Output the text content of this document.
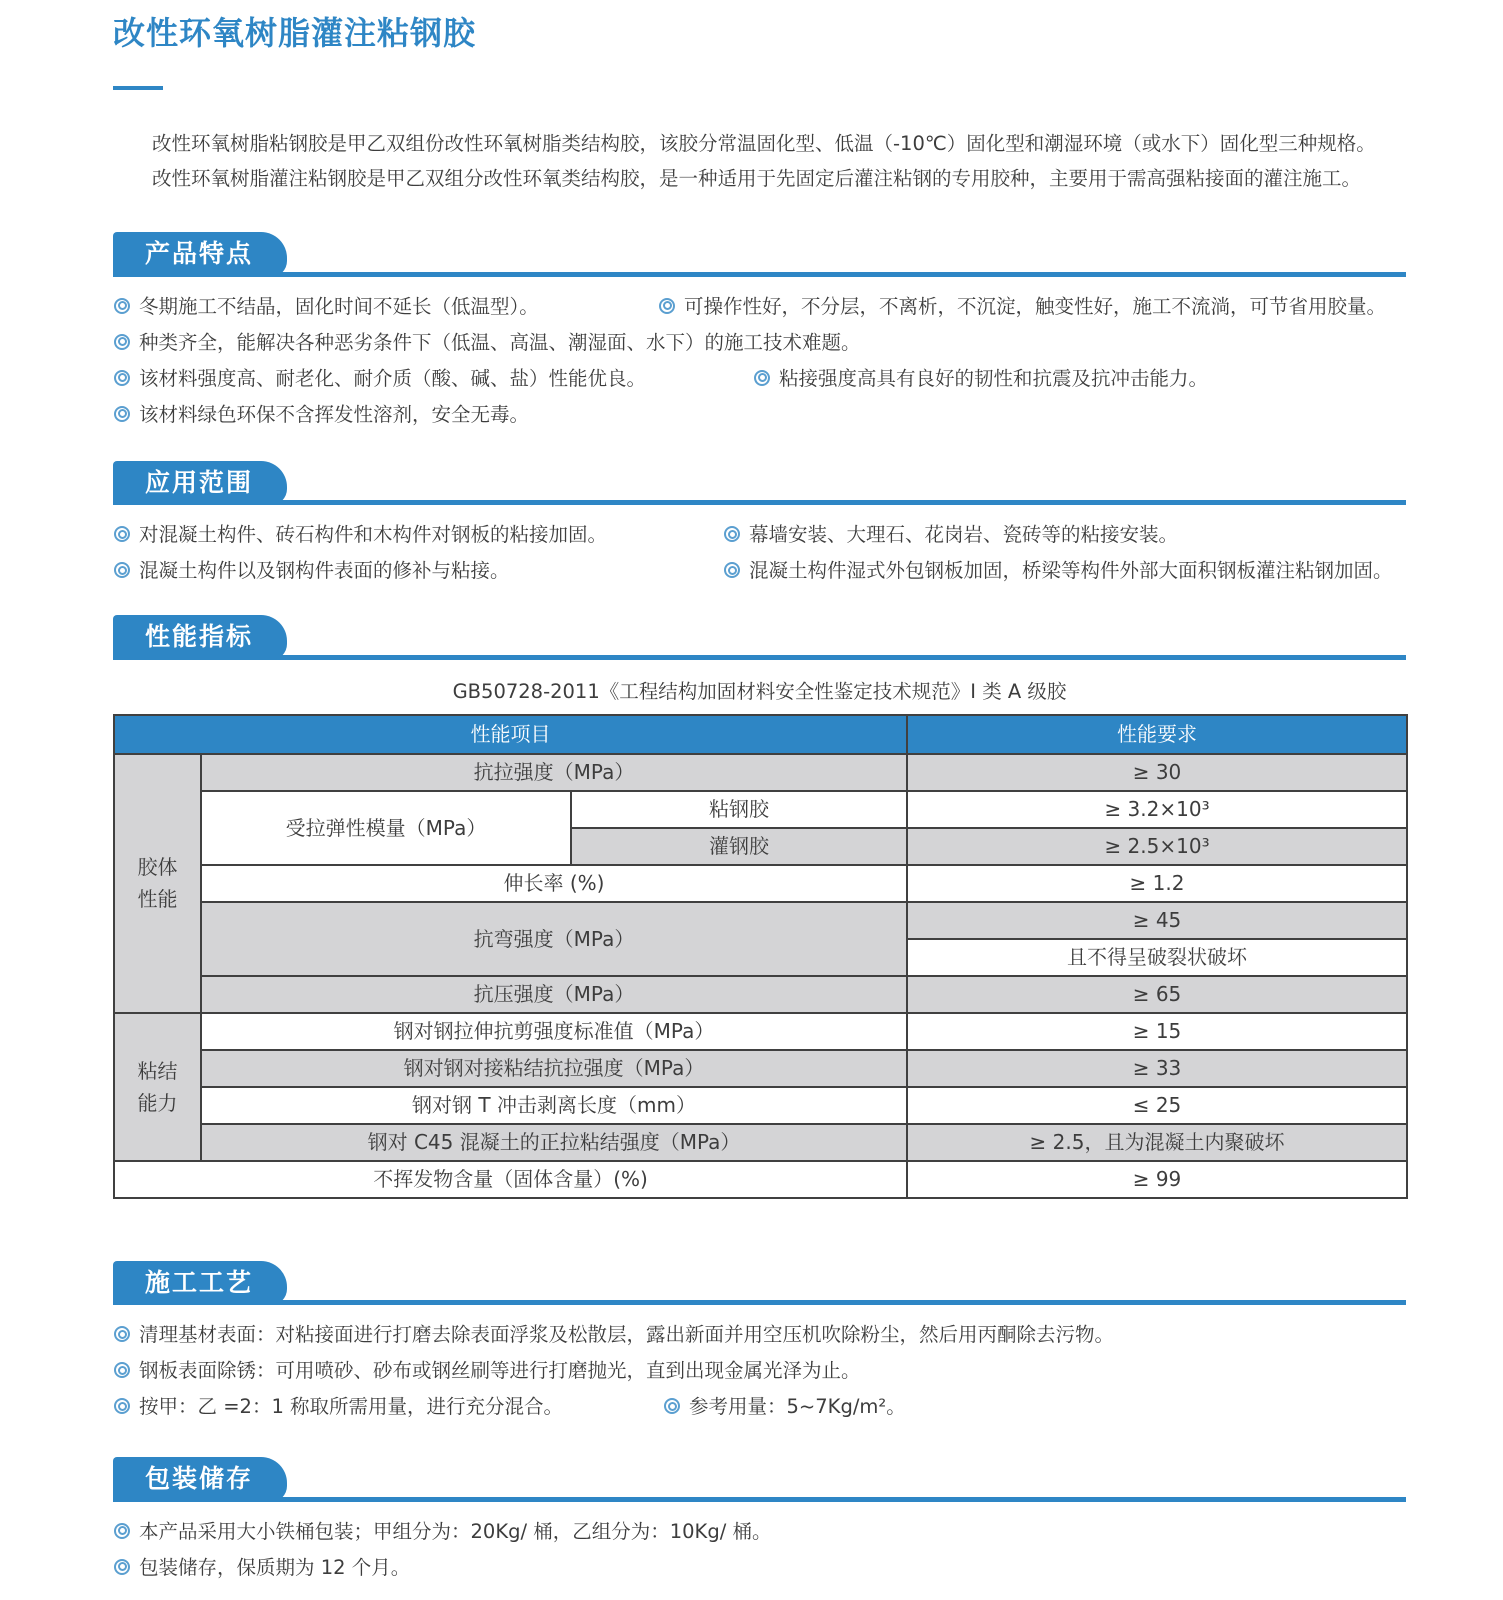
改性环氧树脂灌注粘钢胶
改性环氧树脂粘钢胶是甲乙双组份改性环氧树脂类结构胶，该胶分常温固化型、低温（-10℃）固化型和潮湿环境（或水下）固化型三种规格。
改性环氧树脂灌注粘钢胶是甲乙双组分改性环氧类结构胶，是一种适用于先固定后灌注粘钢的专用胶种，主要用于需高强粘接面的灌注施工。
产品特点
冬期施工不结晶，固化时间不延长（低温型）。	可操作性好，不分层，不离析，不沉淀，触变性好，施工不流淌，可节省用胶量。
种类齐全，能解决各种恶劣条件下（低温、高温、潮湿面、水下）的施工技术难题。
该材料强度高、耐老化、耐介质（酸、碱、盐）性能优良。	粘接强度高具有良好的韧性和抗震及抗冲击能力。
该材料绿色环保不含挥发性溶剂，安全无毒。
应用范围
对混凝土构件、砖石构件和木构件对钢板的粘接加固。	幕墙安装、大理石、花岗岩、瓷砖等的粘接安装。
混凝土构件以及钢构件表面的修补与粘接。	混凝土构件湿式外包钢板加固，桥梁等构件外部大面积钢板灌注粘钢加固。
性能指标
GB50728-2011《工程结构加固材料安全性鉴定技术规范》I 类 A 级胶
性能项目			性能要求
胶体性能	抗拉强度（MPa）		≥ 30
	受拉弹性模量（MPa）	粘钢胶	≥ 3.2×10³
		灌钢胶	≥ 2.5×10³
	伸长率 (%)		≥ 1.2
	抗弯强度（MPa）		≥ 45
			且不得呈破裂状破坏
	抗压强度（MPa）		≥ 65
粘结能力	钢对钢拉伸抗剪强度标准值（MPa）		≥ 15
	钢对钢对接粘结抗拉强度（MPa）		≥ 33
	钢对钢 T 冲击剥离长度（mm）		≤ 25
	钢对 C45 混凝土的正拉粘结强度（MPa）		≥ 2.5，且为混凝土内聚破坏
不挥发物含量（固体含量）(%)			≥ 99
施工工艺
清理基材表面：对粘接面进行打磨去除表面浮浆及松散层，露出新面并用空压机吹除粉尘，然后用丙酮除去污物。
钢板表面除锈：可用喷砂、砂布或钢丝刷等进行打磨抛光，直到出现金属光泽为止。
按甲：乙 =2：1 称取所需用量，进行充分混合。	参考用量：5~7Kg/m²。
包装储存
本产品采用大小铁桶包装；甲组分为：20Kg/ 桶，乙组分为：10Kg/ 桶。
包装储存，保质期为 12 个月。
